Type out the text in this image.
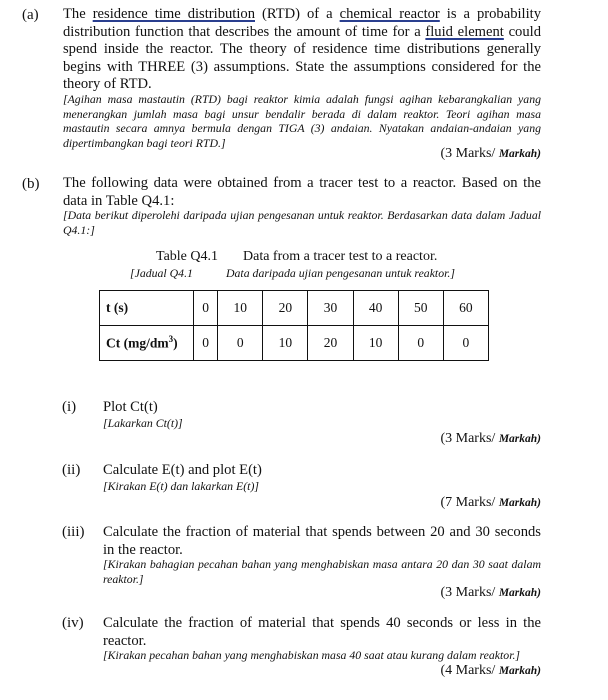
(a) The residence time distribution (RTD) of a chemical reactor is a probability distribution function that describes the amount of time for a fluid element could spend inside the reactor. The theory of residence time distributions generally begins with THREE (3) assumptions. State the assumptions considered for the theory of RTD.
[Agihan masa mastautin (RTD) bagi reaktor kimia adalah fungsi agihan kebarangkalian yang menerangkan jumlah masa bagi unsur bendalir berada di dalam reaktor. Teori agihan masa mastautin secara amnya bermula dengan TIGA (3) andaian. Nyatakan andaian-andaian yang dipertimbangkan bagi teori RTD.]
(3 Marks/ Markah)
(b) The following data were obtained from a tracer test to a reactor. Based on the data in Table Q4.1:
[Data berikut diperolehi daripada ujian pengesanan untuk reaktor. Berdasarkan data dalam Jadual Q4.1:]
Table Q4.1 Data from a tracer test to a reactor.
[Jadual Q4.1	Data daripada ujian pengesanan untuk reaktor.]
t (s)	0	10	20	30	40	50	60
Ct $(mg/dm^3)$	0	0	10	20	10	0	0
(i) Plot Ct(t)
[Lakarkan Ct(t)]
(3 Marks/ Markah)
(ii) Calculate E(t) and plot E(t)
[Kirakan E(t) dan lakarkan E(t)]
(7 Marks/ Markah)
(iii) Calculate the fraction of material that spends between 20 and 30 seconds in the reactor.
[Kirakan bahagian pecahan bahan yang menghabiskan masa antara 20 dan 30 saat dalam reaktor.]
(3 Marks/ Markah)
(iv) Calculate the fraction of material that spends 40 seconds or less in the reactor.
[Kirakan pecahan bahan yang menghabiskan masa 40 saat atau kurang dalam reaktor.]
(4 Marks/ Markah)
